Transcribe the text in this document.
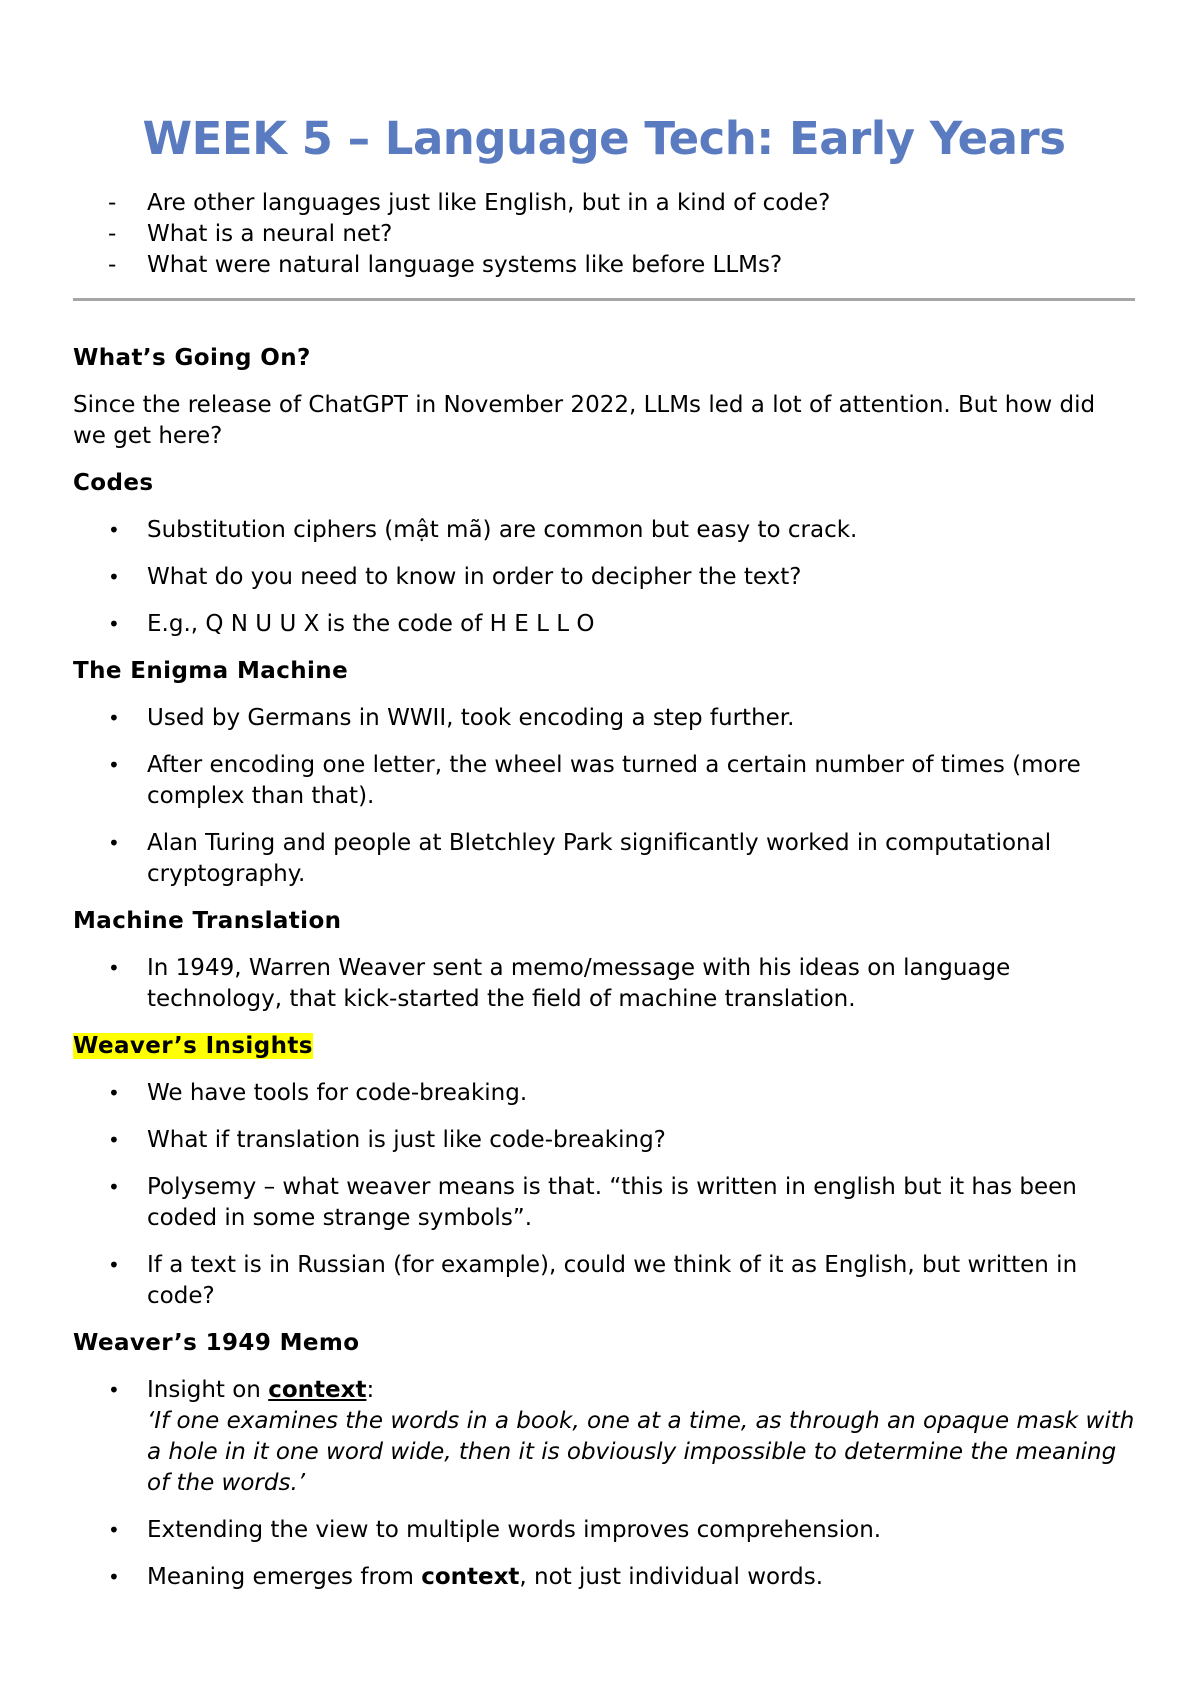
WEEK 5 – Language Tech: Early Years
- Are other languages just like English, but in a kind of code?
- What is a neural net?
- What were natural language systems like before LLMs?
What’s Going On?

Since the release of ChatGPT in November 2022, LLMs led a lot of attention. But how did we get here?

Codes
• Substitution ciphers (mật mã) are common but easy to crack.
• What do you need to know in order to decipher the text?
• E.g., Q N U U X is the code of H E L L O
The Enigma Machine
• Used by Germans in WWII, took encoding a step further.
• After encoding one letter, the wheel was turned a certain number of times (more complex than that).
• Alan Turing and people at Bletchley Park significantly worked in computational cryptography.
Machine Translation
• In 1949, Warren Weaver sent a memo/message with his ideas on language technology, that kick-started the field of machine translation.
Weaver’s Insights
• We have tools for code-breaking.
• What if translation is just like code-breaking?
• Polysemy – what weaver means is that. “this is written in english but it has been coded in some strange symbols”.
• If a text is in Russian (for example), could we think of it as English, but written in code?
Weaver’s 1949 Memo
• Insight on context:
‘If one examines the words in a book, one at a time, as through an opaque mask with a hole in it one word wide, then it is obviously impossible to determine the meaning of the words.’
• Extending the view to multiple words improves comprehension.
• Meaning emerges from context, not just individual words.
